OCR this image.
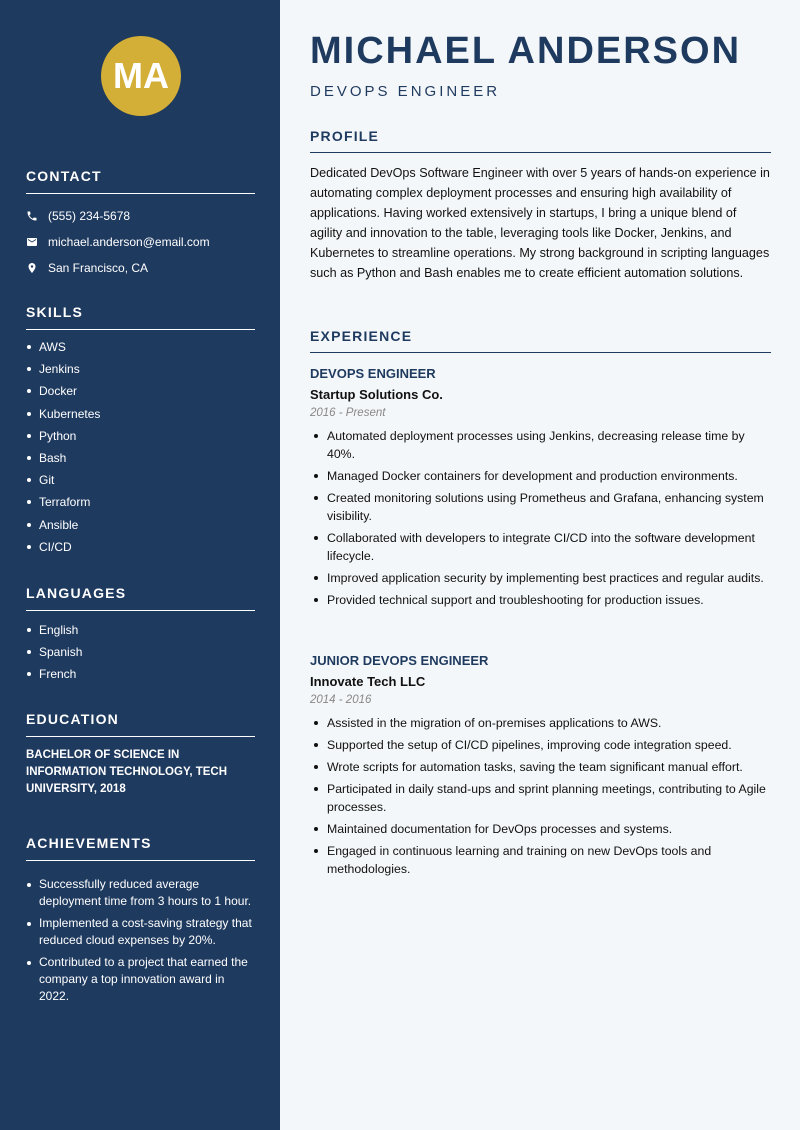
MA
CONTACT
(555) 234-5678
michael.anderson@email.com
San Francisco, CA
SKILLS
AWS
Jenkins
Docker
Kubernetes
Python
Bash
Git
Terraform
Ansible
CI/CD
LANGUAGES
English
Spanish
French
EDUCATION
BACHELOR OF SCIENCE IN INFORMATION TECHNOLOGY, TECH UNIVERSITY, 2018
ACHIEVEMENTS
Successfully reduced average deployment time from 3 hours to 1 hour.
Implemented a cost-saving strategy that reduced cloud expenses by 20%.
Contributed to a project that earned the company a top innovation award in 2022.
MICHAEL ANDERSON
DEVOPS ENGINEER
PROFILE
Dedicated DevOps Software Engineer with over 5 years of hands-on experience in automating complex deployment processes and ensuring high availability of applications. Having worked extensively in startups, I bring a unique blend of agility and innovation to the table, leveraging tools like Docker, Jenkins, and Kubernetes to streamline operations. My strong background in scripting languages such as Python and Bash enables me to create efficient automation solutions.
EXPERIENCE
DEVOPS ENGINEER
Startup Solutions Co.
2016 - Present
Automated deployment processes using Jenkins, decreasing release time by 40%.
Managed Docker containers for development and production environments.
Created monitoring solutions using Prometheus and Grafana, enhancing system visibility.
Collaborated with developers to integrate CI/CD into the software development lifecycle.
Improved application security by implementing best practices and regular audits.
Provided technical support and troubleshooting for production issues.
JUNIOR DEVOPS ENGINEER
Innovate Tech LLC
2014 - 2016
Assisted in the migration of on-premises applications to AWS.
Supported the setup of CI/CD pipelines, improving code integration speed.
Wrote scripts for automation tasks, saving the team significant manual effort.
Participated in daily stand-ups and sprint planning meetings, contributing to Agile processes.
Maintained documentation for DevOps processes and systems.
Engaged in continuous learning and training on new DevOps tools and methodologies.
